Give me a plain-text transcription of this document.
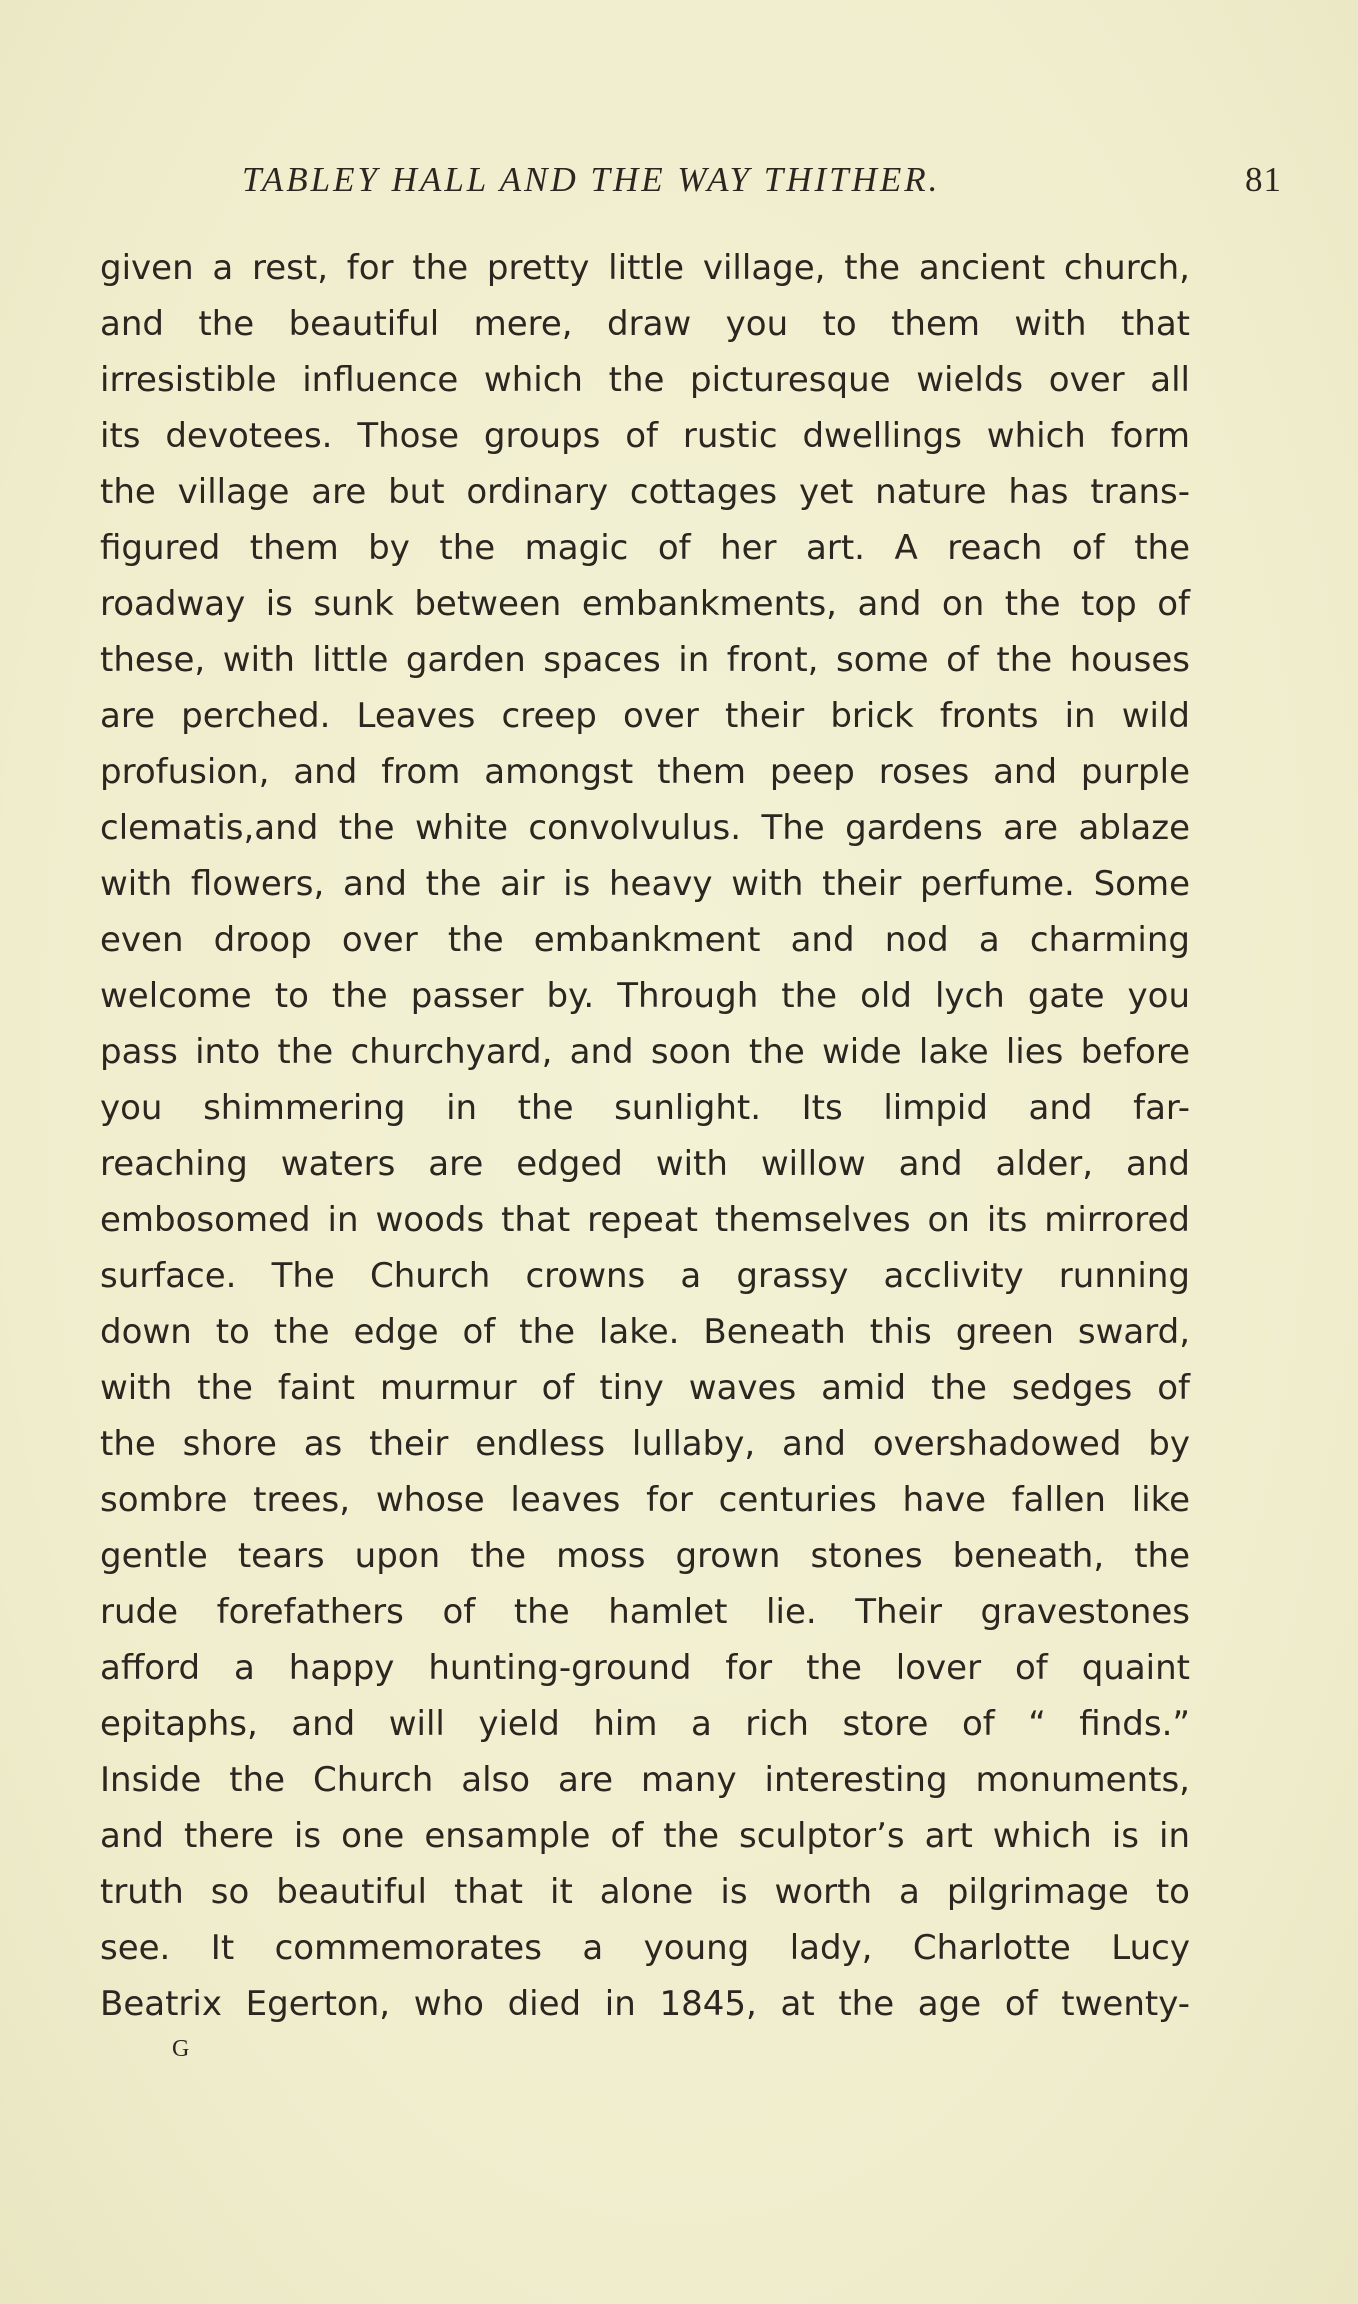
TABLEY HALL AND THE WAY THITHER.	81
given a rest, for the pretty little village, the ancient church,
and the beautiful mere, draw you to them with that
irresistible influence which the picturesque wields over all
its devotees. Those groups of rustic dwellings which form
the village are but ordinary cottages yet nature has trans-
figured them by the magic of her art. A reach of the
roadway is sunk between embankments, and on the top of
these, with little garden spaces in front, some of the houses
are perched. Leaves creep over their brick fronts in wild
profusion, and from amongst them peep roses and purple
clematis,and the white convolvulus. The gardens are ablaze
with flowers, and the air is heavy with their perfume. Some
even droop over the embankment and nod a charming
welcome to the passer by. Through the old lych gate you
pass into the churchyard, and soon the wide lake lies before
you shimmering in the sunlight. Its limpid and far-
reaching waters are edged with willow and alder, and
embosomed in woods that repeat themselves on its mirrored
surface. The Church crowns a grassy acclivity running
down to the edge of the lake. Beneath this green sward,
with the faint murmur of tiny waves amid the sedges of
the shore as their endless lullaby, and overshadowed by
sombre trees, whose leaves for centuries have fallen like
gentle tears upon the moss grown stones beneath, the
rude forefathers of the hamlet lie. Their gravestones
afford a happy hunting-ground for the lover of quaint
epitaphs, and will yield him a rich store of “ finds.”
Inside the Church also are many interesting monuments,
and there is one ensample of the sculptor’s art which is in
truth so beautiful that it alone is worth a pilgrimage to
see. It commemorates a young lady, Charlotte Lucy
Beatrix Egerton, who died in 1845, at the age of twenty-
G
